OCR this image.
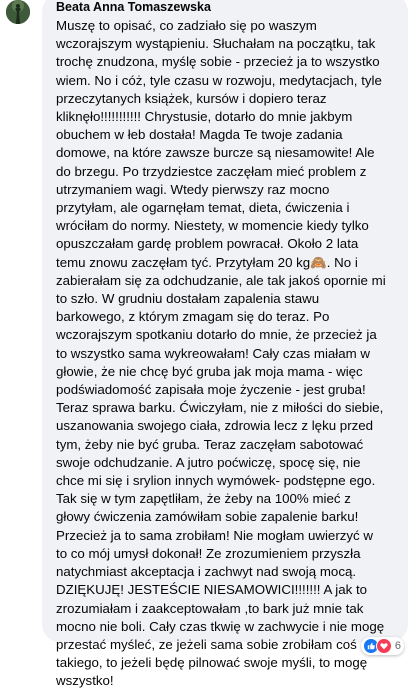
Beata Anna Tomaszewska

Muszę to opisać, co zadziało się po waszym
wczorajszym wystąpieniu. Słuchałam na początku, tak
trochę znudzona, myślę sobie - przecież ja to wszystko
wiem. No i cóż, tyle czasu w rozwoju, medytacjach, tyle
przeczytanych książek, kursów i dopiero teraz
kliknęło!!!!!!!!!!! Chrystusie, dotarło do mnie jakbym
obuchem w łeb dostała! Magda Te twoje zadania
domowe, na które zawsze burcze są niesamowite! Ale
do brzegu. Po trzydziestce zaczęłam mieć problem z
utrzymaniem wagi. Wtedy pierwszy raz mocno
przytyłam, ale ogarnęłam temat, dieta, ćwiczenia i
wróciłam do normy. Niestety, w momencie kiedy tylko
opuszczałam gardę problem powracał. Około 2 lata
temu znowu zaczęłam tyć. Przytyłam 20 kg🙈. No i
zabierałam się za odchudzanie, ale tak jakoś opornie mi
to szło. W grudniu dostałam zapalenia stawu
barkowego, z którym zmagam się do teraz. Po
wczorajszym spotkaniu dotarło do mnie, że przecież ja
to wszystko sama wykreowałam! Cały czas miałam w
głowie, że nie chcę być gruba jak moja mama - więc
podświadomość zapisała moje życzenie - jest gruba!
Teraz sprawa barku. Ćwiczyłam, nie z miłości do siebie,
uszanowania swojego ciała, zdrowia lecz z lęku przed
tym, żeby nie być gruba. Teraz zaczęłam sabotować
swoje odchudzanie. A jutro poćwiczę, spocę się, nie
chce mi się i srylion innych wymówek- podstępne ego.
Tak się w tym zapętliłam, że żeby na 100% mieć z
głowy ćwiczenia zamówiłam sobie zapalenie barku!
Przecież ja to sama zrobiłam! Nie mogłam uwierzyć w
to co mój umysł dokonał! Ze zrozumieniem przyszła
natychmiast akceptacja i zachwyt nad swoją mocą.
DZIĘKUJĘ! JESTEŚCIE NIESAMOWICI!!!!!!! A jak to
zrozumiałam i zaakceptowałam ,to bark już mnie tak
mocno nie boli. Cały czas tkwię w zachwycie i nie mogę
przestać myśleć, ze jeżeli sama sobie zrobiłam coś
takiego, to jeżeli będę pilnować swoje myśli, to mogę
wszystko!

6
